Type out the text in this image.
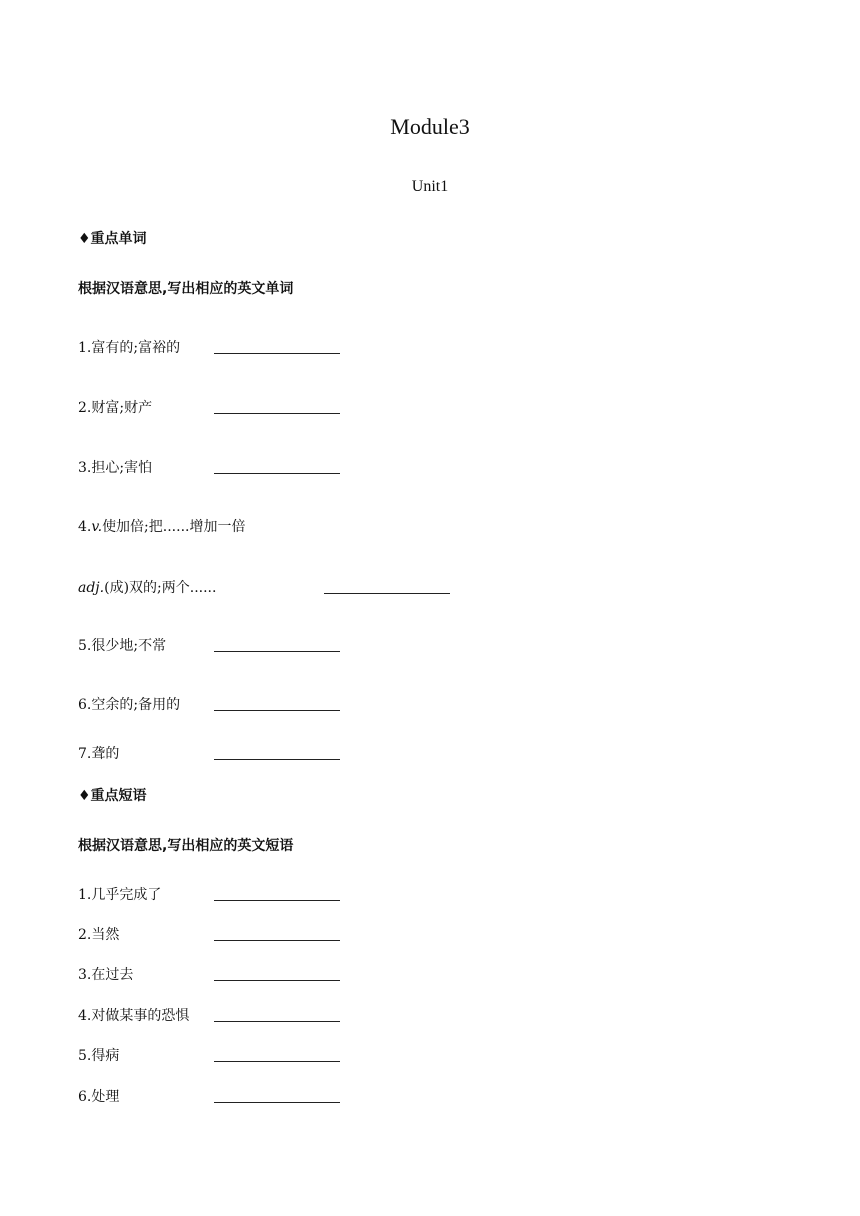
Module3
Unit1
♦重点单词
根据汉语意思,写出相应的英文单词
1.富有的;富裕的
2.财富;财产
3.担心;害怕
4.v.使加倍;把......增加一倍
adj.(成)双的;两个......
5.很少地;不常
6.空余的;备用的
7.聋的
♦重点短语
根据汉语意思,写出相应的英文短语
1.几乎完成了
2.当然
3.在过去
4.对做某事的恐惧
5.得病
6.处理
